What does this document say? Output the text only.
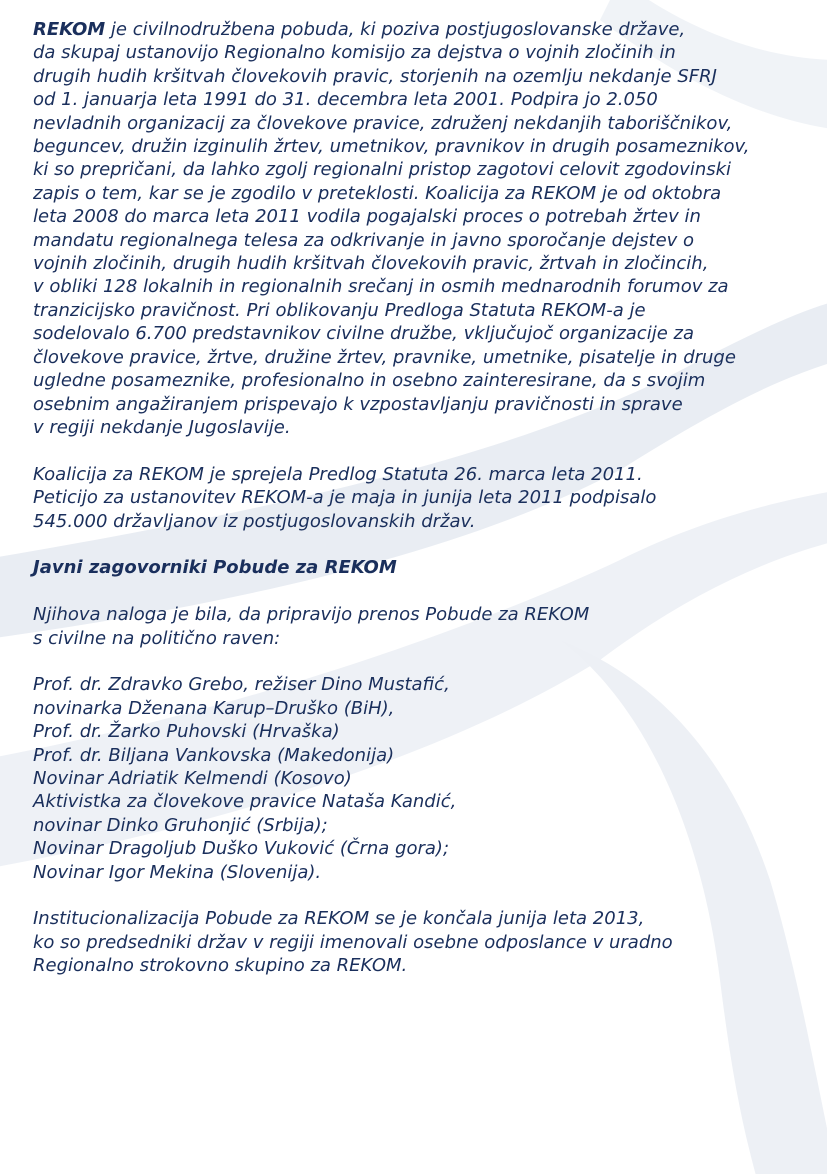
REKOM je civilnodružbena pobuda, ki poziva postjugoslovanske države,
da skupaj ustanovijo Regionalno komisijo za dejstva o vojnih zločinih in
drugih hudih kršitvah človekovih pravic, storjenih na ozemlju nekdanje SFRJ
od 1. januarja leta 1991 do 31. decembra leta 2001. Podpira jo 2.050
nevladnih organizacij za človekove pravice, združenj nekdanjih taboriščnikov,
beguncev, družin izginulih žrtev, umetnikov, pravnikov in drugih posameznikov,
ki so prepričani, da lahko zgolj regionalni pristop zagotovi celovit zgodovinski
zapis o tem, kar se je zgodilo v preteklosti. Koalicija za REKOM je od oktobra
leta 2008 do marca leta 2011 vodila pogajalski proces o potrebah žrtev in
mandatu regionalnega telesa za odkrivanje in javno sporočanje dejstev o
vojnih zločinih, drugih hudih kršitvah človekovih pravic, žrtvah in zločincih,
v obliki 128 lokalnih in regionalnih srečanj in osmih mednarodnih forumov za
tranzicijsko pravičnost. Pri oblikovanju Predloga Statuta REKOM-a je
sodelovalo 6.700 predstavnikov civilne družbe, vključujoč organizacije za
človekove pravice, žrtve, družine žrtev, pravnike, umetnike, pisatelje in druge
ugledne posameznike, profesionalno in osebno zainteresirane, da s svojim
osebnim angažiranjem prispevajo k vzpostavljanju pravičnosti in sprave
v regiji nekdanje Jugoslavije.
Koalicija za REKOM je sprejela Predlog Statuta 26. marca leta 2011.
Peticijo za ustanovitev REKOM-a je maja in junija leta 2011 podpisalo
545.000 državljanov iz postjugoslovanskih držav.
Javni zagovorniki Pobude za REKOM
Njihova naloga je bila, da pripravijo prenos Pobude za REKOM
s civilne na politično raven:
Prof. dr. Zdravko Grebo, režiser Dino Mustafić,
novinarka Dženana Karup–Druško (BiH),
Prof. dr. Žarko Puhovski (Hrvaška)
Prof. dr. Biljana Vankovska (Makedonija)
Novinar Adriatik Kelmendi (Kosovo)
Aktivistka za človekove pravice Nataša Kandić,
novinar Dinko Gruhonjić (Srbija);
Novinar Dragoljub Duško Vuković (Črna gora);
Novinar Igor Mekina (Slovenija).
Institucionalizacija Pobude za REKOM se je končala junija leta 2013,
ko so predsedniki držav v regiji imenovali osebne odposlance v uradno
Regionalno strokovno skupino za REKOM.
